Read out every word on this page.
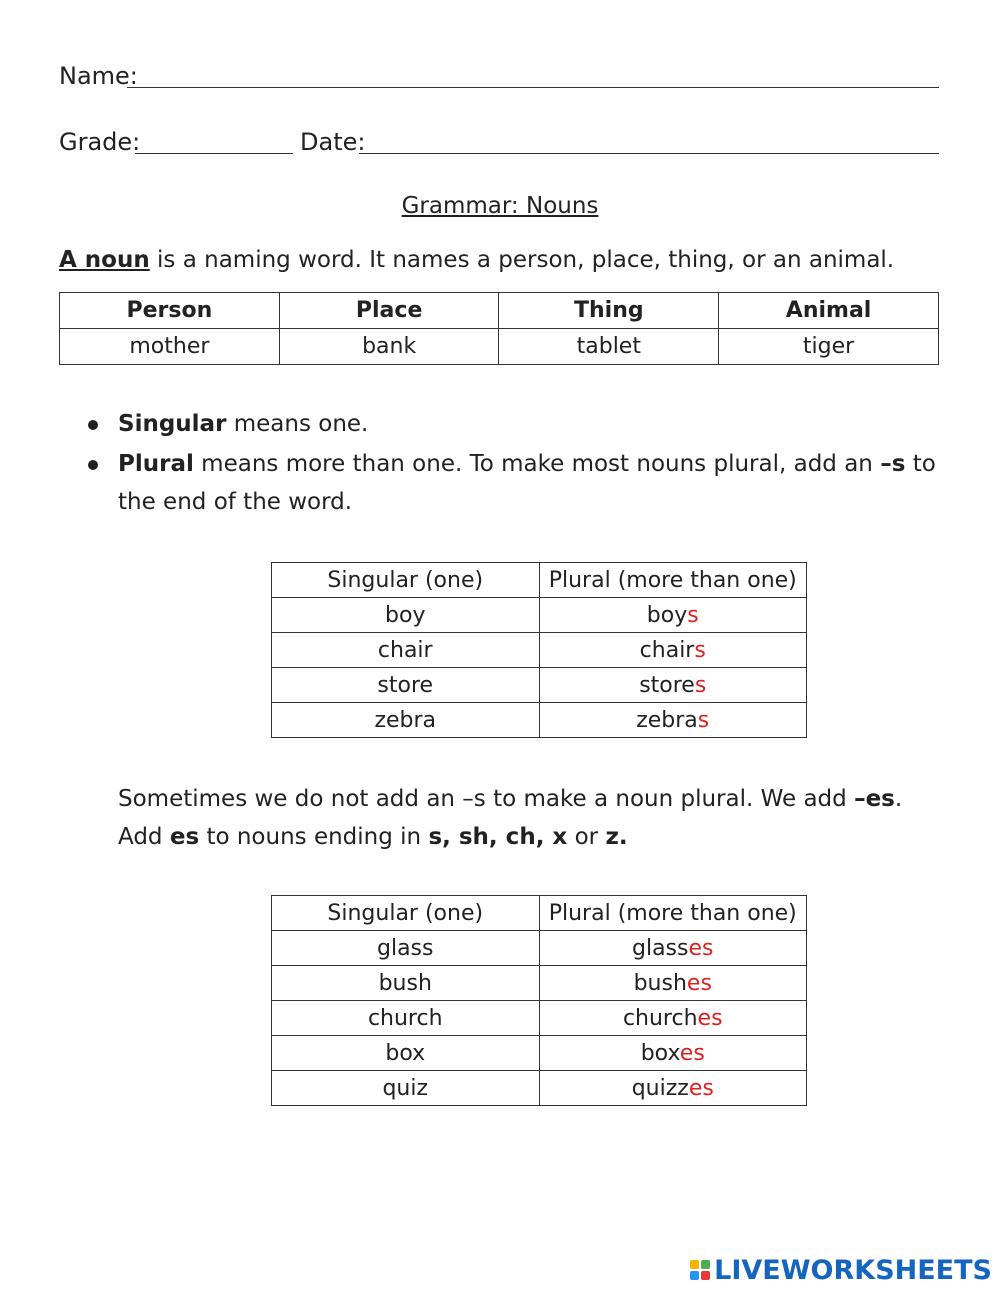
Name:
Grade:	Date:
Grammar: Nouns
A noun is a naming word. It names a person, place, thing, or an animal.
Person	Place	Thing	Animal
mother	bank	tablet	tiger
Singular means one.
Plural means more than one. To make most nouns plural, add an –s to the end of the word.
Singular (one)	Plural (more than one)
boy	boys
chair	chairs
store	stores
zebra	zebras
Sometimes we do not add an –s to make a noun plural. We add –es. Add es to nouns ending in s, sh, ch, x or z.
Singular (one)	Plural (more than one)
glass	glasses
bush	bushes
church	churches
box	boxes
quiz	quizzes
LIVEWORKSHEETS
